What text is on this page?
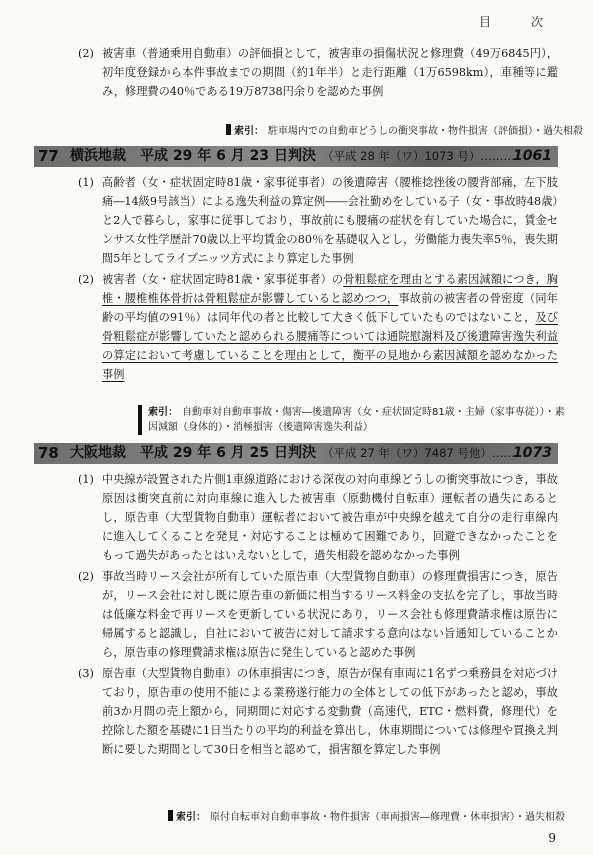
目　次
(2) 被害車（普通乗用自動車）の評価損として，被害車の損傷状況と修理費（49万6845円），初年度登録から本件事故までの期間（約1年半）と走行距離（1万6598km），車種等に鑑み，修理費の40％である19万8738円余りを認めた事例
索引： 駐車場内での自動車どうしの衝突事故・物件損害（評価損）・過失相殺
77 横浜地裁　平成 29 年 6 月 23 日判決 （平成 28 年（ワ）1073 号）………
1061
(1) 高齢者（女・症状固定時81歳・家事従事者）の後遺障害（腰椎捻挫後の腰背部痛，左下肢痛―14級9号該当）による逸失利益の算定例――会社勤めをしている子（女・事故時48歳）と2人で暮らし，家事に従事しており，事故前にも腰痛の症状を有していた場合に，賃金センサス女性学歴計70歳以上平均賃金の80％を基礎収入とし，労働能力喪失率5％，喪失期間5年としてライプニッツ方式により算定した事例
(2) 被害者（女・症状固定時81歳・家事従事者）の骨粗鬆症を理由とする素因減額につき，胸椎・腰椎椎体骨折は骨粗鬆症が影響していると認めつつ，事故前の被害者の骨密度（同年齢の平均値の91％）は同年代の者と比較して大きく低下していたものではないこと，及び骨粗鬆症が影響していたと認められる腰痛等については通院慰謝料及び後遺障害逸失利益の算定において考慮していることを理由として，衡平の見地から素因減額を認めなかった事例
索引： 自動車対自動車事故・傷害―後遺障害（女・症状固定時81歳・主婦（家事専従））・素因減額（身体的）・消極損害（後遺障害逸失利益）
78 大阪地裁　平成 29 年 6 月 25 日判決 （平成 27 年（ワ）7487 号他）………
1073
(1) 中央線が設置された片側1車線道路における深夜の対向車線どうしの衝突事故につき，事故原因は衝突直前に対向車線に進入した被害車（原動機付自転車）運転者の過失にあるとし，原告車（大型貨物自動車）運転者において被告車が中央線を越えて自分の走行車線内に進入してくることを発見・対応することは極めて困難であり，回避できなかったことをもって過失があったとはいえないとして，過失相殺を認めなかった事例
(2) 事故当時リース会社が所有していた原告車（大型貨物自動車）の修理費損害につき，原告が，リース会社に対し既に原告車の新価に相当するリース料金の支払を完了し，事故当時は低廉な料金で再リースを更新している状況にあり，リース会社も修理費請求権は原告に帰属すると認識し，自社において被告に対して請求する意向はない旨通知していることから，原告車の修理費請求権は原告に発生していると認めた事例
(3) 原告車（大型貨物自動車）の休車損害につき，原告が保有車両に1名ずつ乗務員を対応づけており，原告車の使用不能による業務遂行能力の全体としての低下があったと認め，事故前3か月間の売上額から，同期間に対応する変動費（高速代，ETC・燃料費，修理代）を控除した額を基礎に1日当たりの平均的利益を算出し，休車期間については修理や買換え判断に要した期間として30日を相当と認めて，損害額を算定した事例
索引： 原付自転車対自動車事故・物件損害（車両損害―修理費・休車損害）・過失相殺
9
